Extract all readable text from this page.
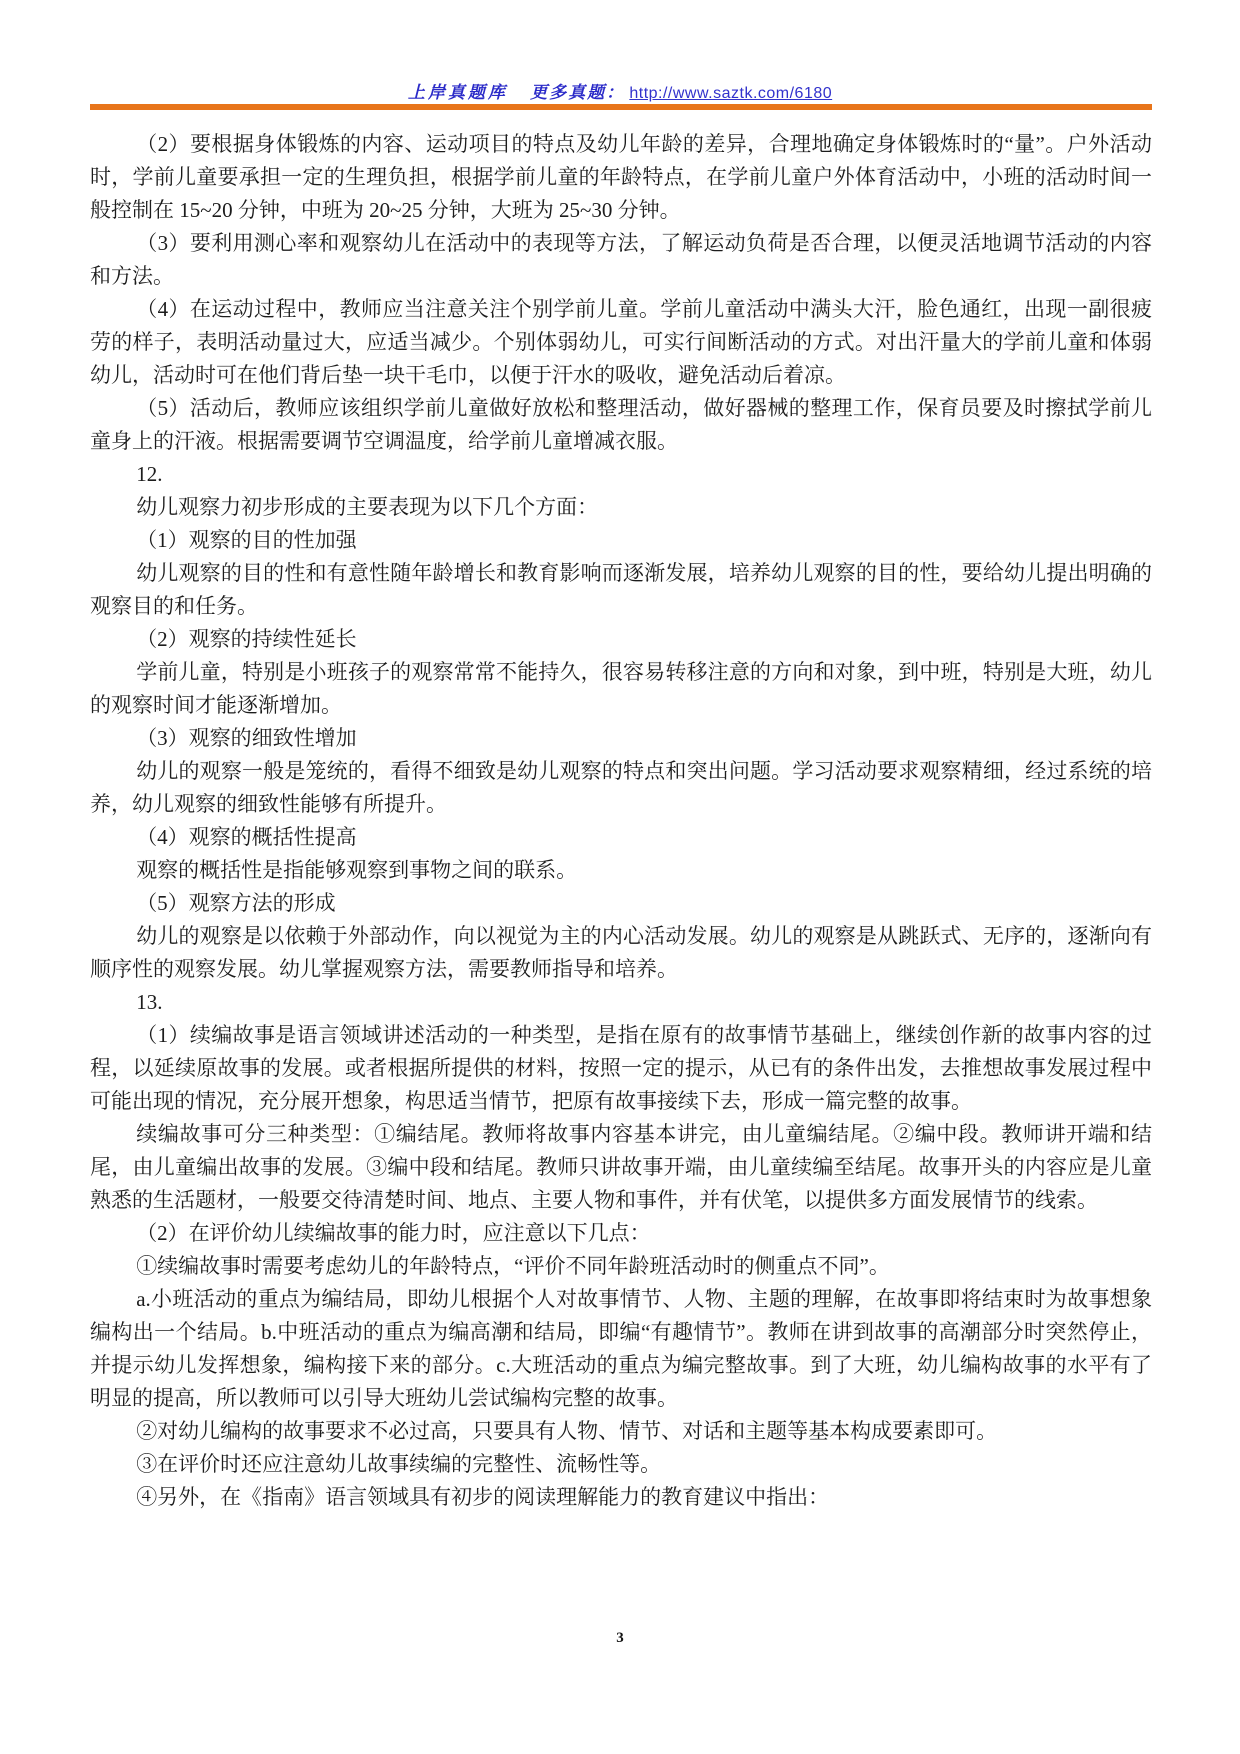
上岸真题库 更多真题： http://www.saztk.com/6180

（2）要根据身体锻炼的内容、运动项目的特点及幼儿年龄的差异，合理地确定身体锻炼时的“量”。户外活动时，学前儿童要承担一定的生理负担，根据学前儿童的年龄特点，在学前儿童户外体育活动中，小班的活动时间一般控制在 15~20 分钟，中班为 20~25 分钟，大班为 25~30 分钟。

（3）要利用测心率和观察幼儿在活动中的表现等方法，了解运动负荷是否合理，以便灵活地调节活动的内容和方法。

（4）在运动过程中，教师应当注意关注个别学前儿童。学前儿童活动中满头大汗，脸色通红，出现一副很疲劳的样子，表明活动量过大，应适当减少。个别体弱幼儿，可实行间断活动的方式。对出汗量大的学前儿童和体弱幼儿，活动时可在他们背后垫一块干毛巾，以便于汗水的吸收，避免活动后着凉。

（5）活动后，教师应该组织学前儿童做好放松和整理活动，做好器械的整理工作，保育员要及时擦拭学前儿童身上的汗液。根据需要调节空调温度，给学前儿童增减衣服。

12.

幼儿观察力初步形成的主要表现为以下几个方面：

（1）观察的目的性加强

幼儿观察的目的性和有意性随年龄增长和教育影响而逐渐发展，培养幼儿观察的目的性，要给幼儿提出明确的观察目的和任务。

（2）观察的持续性延长

学前儿童，特别是小班孩子的观察常常不能持久，很容易转移注意的方向和对象，到中班，特别是大班，幼儿的观察时间才能逐渐增加。

（3）观察的细致性增加

幼儿的观察一般是笼统的，看得不细致是幼儿观察的特点和突出问题。学习活动要求观察精细，经过系统的培养，幼儿观察的细致性能够有所提升。

（4）观察的概括性提高

观察的概括性是指能够观察到事物之间的联系。

（5）观察方法的形成

幼儿的观察是以依赖于外部动作，向以视觉为主的内心活动发展。幼儿的观察是从跳跃式、无序的，逐渐向有顺序性的观察发展。幼儿掌握观察方法，需要教师指导和培养。

13.

（1）续编故事是语言领域讲述活动的一种类型，是指在原有的故事情节基础上，继续创作新的故事内容的过程，以延续原故事的发展。或者根据所提供的材料，按照一定的提示，从已有的条件出发，去推想故事发展过程中可能出现的情况，充分展开想象，构思适当情节，把原有故事接续下去，形成一篇完整的故事。

续编故事可分三种类型：①编结尾。教师将故事内容基本讲完，由儿童编结尾。②编中段。教师讲开端和结尾，由儿童编出故事的发展。③编中段和结尾。教师只讲故事开端，由儿童续编至结尾。故事开头的内容应是儿童熟悉的生活题材，一般要交待清楚时间、地点、主要人物和事件，并有伏笔，以提供多方面发展情节的线索。

（2）在评价幼儿续编故事的能力时，应注意以下几点：

①续编故事时需要考虑幼儿的年龄特点，“评价不同年龄班活动时的侧重点不同”。

a.小班活动的重点为编结局，即幼儿根据个人对故事情节、人物、主题的理解，在故事即将结束时为故事想象编构出一个结局。b.中班活动的重点为编高潮和结局，即编“有趣情节”。教师在讲到故事的高潮部分时突然停止，并提示幼儿发挥想象，编构接下来的部分。c.大班活动的重点为编完整故事。到了大班，幼儿编构故事的水平有了明显的提高，所以教师可以引导大班幼儿尝试编构完整的故事。

②对幼儿编构的故事要求不必过高，只要具有人物、情节、对话和主题等基本构成要素即可。

③在评价时还应注意幼儿故事续编的完整性、流畅性等。

④另外，在《指南》语言领域具有初步的阅读理解能力的教育建议中指出：

3
